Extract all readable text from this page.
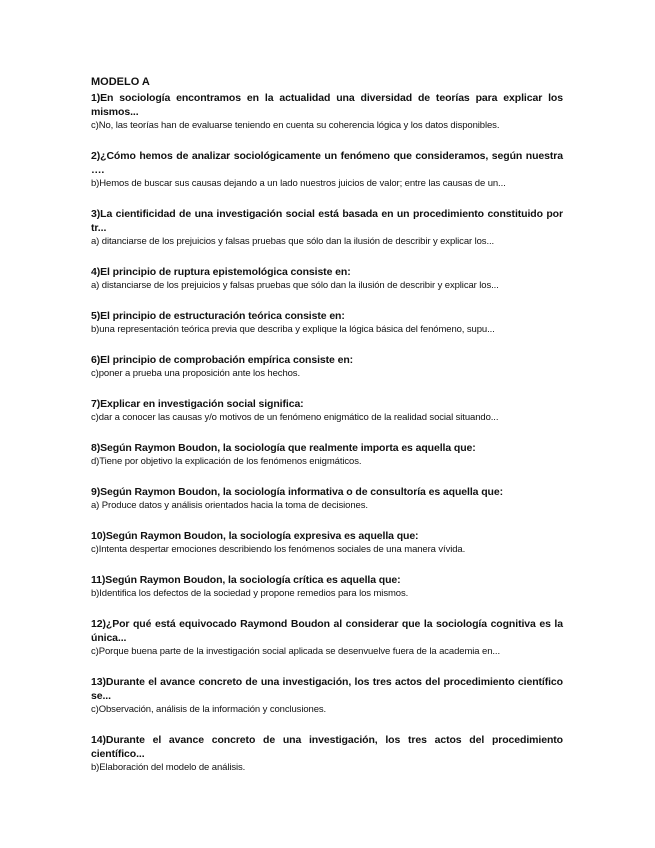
MODELO A

1)En sociología encontramos en la actualidad una diversidad de teorías para explicar los mismos...

c)No, las teorías han de evaluarse teniendo en cuenta su coherencia lógica y los datos disponibles.

2)¿Cómo hemos de analizar sociológicamente un fenómeno que consideramos, según nuestra ….

b)Hemos de buscar sus causas dejando a un lado nuestros juicios de valor; entre las causas de un...

3)La cientificidad de una investigación social está basada en un procedimiento constituido por tr...

a) ditanciarse de los prejuicios y falsas pruebas que sólo dan la ilusión de describir y explicar los...

4)El principio de ruptura epistemológica consiste en:

a) distanciarse de los prejuicios y falsas pruebas que sólo dan la ilusión de describir y explicar los...

5)El principio de estructuración teórica consiste en:

b)una representación teórica previa que describa y explique la lógica básica del fenómeno, supu...

6)El principio de comprobación empírica consiste en:

c)poner a prueba una proposición ante los hechos.

7)Explicar en investigación social significa:

c)dar a conocer las causas y/o motivos de un fenómeno enigmático de la realidad social situando...

8)Según Raymon Boudon, la sociología que realmente importa es aquella que:

d)Tiene por objetivo la explicación de los fenómenos enigmáticos.

9)Según Raymon Boudon, la sociología informativa o de consultoría es aquella que:

a) Produce datos y análisis orientados hacia la toma de decisiones.

10)Según Raymon Boudon, la sociología expresiva es aquella que:

c)Intenta despertar emociones describiendo los fenómenos sociales de una manera vívida.

11)Según Raymon Boudon, la sociología crítica es aquella que:

b)Identifica los defectos de la sociedad y propone remedios para los mismos.

12)¿Por qué está equivocado Raymond Boudon al considerar que la sociología cognitiva es la única...

c)Porque buena parte de la investigación social aplicada se desenvuelve fuera de la academia en...

13)Durante el avance concreto de una investigación, los tres actos del procedimiento científico se...

c)Observación, análisis de la información y conclusiones.

14)Durante el avance concreto de una investigación, los tres actos del procedimiento científico...

b)Elaboración del modelo de análisis.
